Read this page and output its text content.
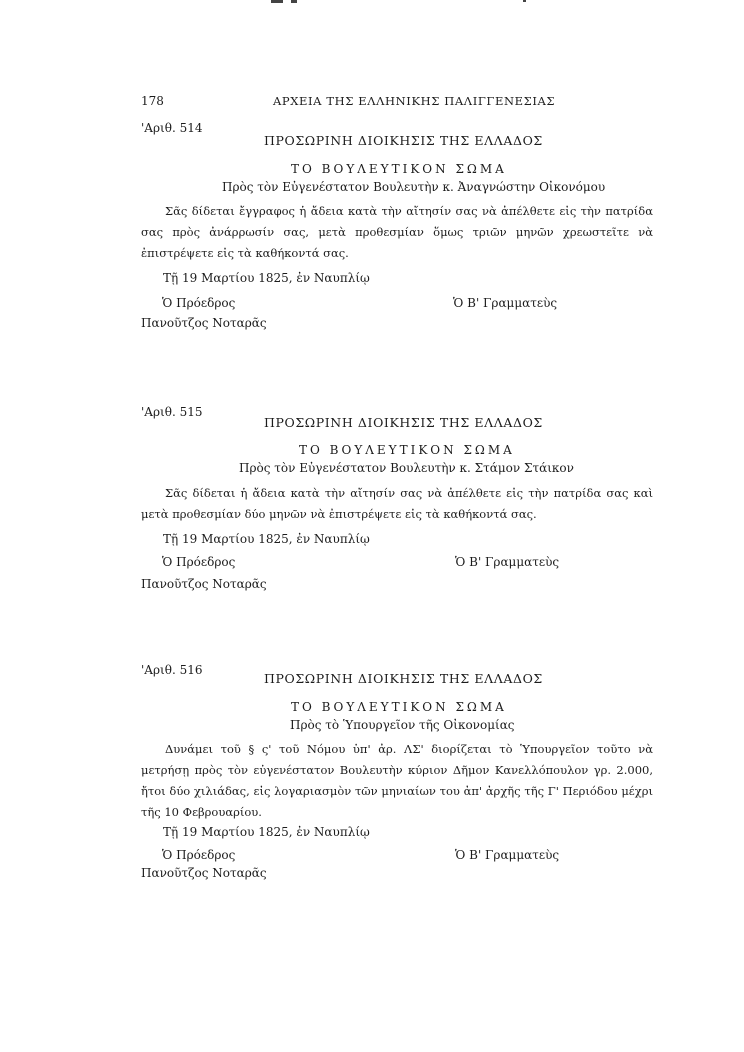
178	ΑΡΧΕΙΑ ΤΗΣ ΕΛΛΗΝΙΚΗΣ ΠΑΛΙΓΓΕΝΕΣΙΑΣ
'Αριθ. 514
ΠΡΟΣΩΡΙΝΗ ΔΙΟΙΚΗΣΙΣ ΤΗΣ ΕΛΛΑΔΟΣ
ΤΟ ΒΟΥΛΕΥΤΙΚΟΝ ΣΩΜΑ
Πρὸς τὸν Εὐγενέστατον Βουλευτὴν κ. Ἀναγνώστην Οἰκονόμου
Σᾶς δίδεται ἔγγραφος ἡ ἄδεια κατὰ τὴν αἴτησίν σας νὰ ἀπέλθετε εἰς τὴν πατρίδα σας πρὸς ἀνάρρωσίν σας, μετὰ προθεσμίαν ὅμως τριῶν μηνῶν χρεωστεῖτε νὰ ἐπιστρέψετε εἰς τὰ καθήκοντά σας.
Τῇ 19 Μαρτίου 1825, ἐν Ναυπλίῳ
Ὁ Πρόεδρος	Ὁ Β' Γραμματεὺς
Πανοῦτζος Νοταρᾶς
'Αριθ. 515
ΠΡΟΣΩΡΙΝΗ ΔΙΟΙΚΗΣΙΣ ΤΗΣ ΕΛΛΑΔΟΣ
ΤΟ ΒΟΥΛΕΥΤΙΚΟΝ ΣΩΜΑ
Πρὸς τὸν Εὐγενέστατον Βουλευτὴν κ. Στάμον Στάικον
Σᾶς δίδεται ἡ ἄδεια κατὰ τὴν αἴτησίν σας νὰ ἀπέλθετε εἰς τὴν πατρίδα σας καὶ μετὰ προθεσμίαν δύο μηνῶν νὰ ἐπιστρέψετε εἰς τὰ καθήκοντά σας.
Τῇ 19 Μαρτίου 1825, ἐν Ναυπλίῳ
Ὁ Πρόεδρος	Ὁ Β' Γραμματεὺς
Πανοῦτζος Νοταρᾶς
'Αριθ. 516
ΠΡΟΣΩΡΙΝΗ ΔΙΟΙΚΗΣΙΣ ΤΗΣ ΕΛΛΑΔΟΣ
ΤΟ ΒΟΥΛΕΥΤΙΚΟΝ ΣΩΜΑ
Πρὸς τὸ Ὑπουργεῖον τῆς Οἰκονομίας
Δυνάμει τοῦ § ς' τοῦ Νόμου ὑπ' ἀρ. ΛΣ' διορίζεται τὸ Ὑπουργεῖον τοῦτο νὰ μετρήσῃ πρὸς τὸν εὐγενέστατον Βουλευτὴν κύριον Δῆμον Κανελλόπουλον γρ. 2.000, ἤτοι δύο χιλιάδας, εἰς λογαριασμὸν τῶν μηνιαίων του ἀπ' ἀρχῆς τῆς Γ' Περιόδου μέχρι τῆς 10 Φεβρουαρίου.
Τῇ 19 Μαρτίου 1825, ἐν Ναυπλίῳ
Ὁ Πρόεδρος	Ὁ Β' Γραμματεὺς
Πανοῦτζος Νοταρᾶς
